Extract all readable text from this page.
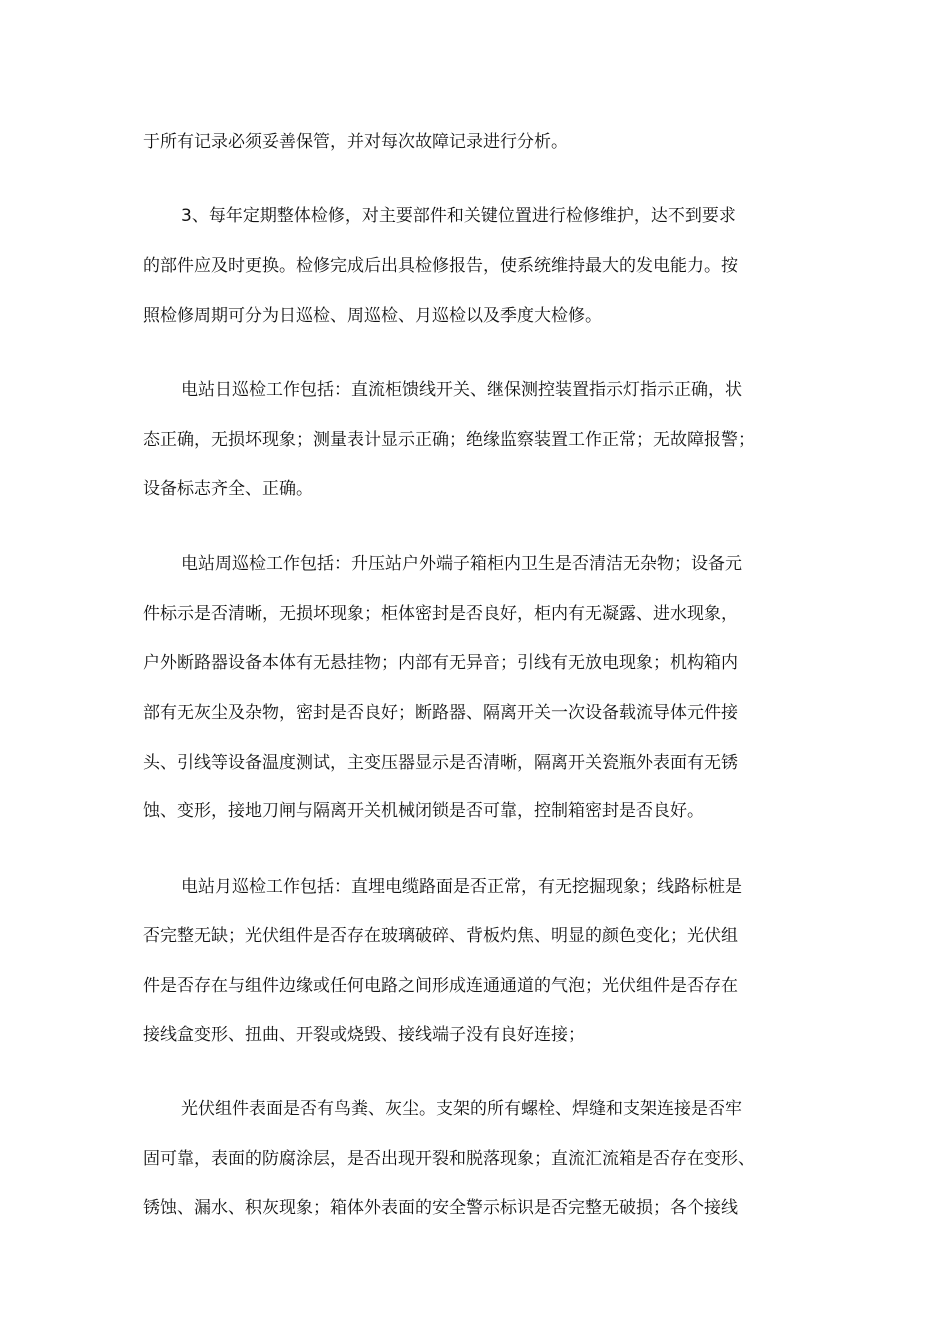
于所有记录必须妥善保管，并对每次故障记录进行分析。
3、每年定期整体检修，对主要部件和关键位置进行检修维护，达不到要求
的部件应及时更换。检修完成后出具检修报告，使系统维持最大的发电能力。按
照检修周期可分为日巡检、周巡检、月巡检以及季度大检修。
电站日巡检工作包括：直流柜馈线开关、继保测控装置指示灯指示正确，状
态正确，无损坏现象；测量表计显示正确；绝缘监察装置工作正常；无故障报警；
设备标志齐全、正确。
电站周巡检工作包括：升压站户外端子箱柜内卫生是否清洁无杂物；设备元
件标示是否清晰，无损坏现象；柜体密封是否良好，柜内有无凝露、进水现象，
户外断路器设备本体有无悬挂物；内部有无异音；引线有无放电现象；机构箱内
部有无灰尘及杂物，密封是否良好；断路器、隔离开关一次设备载流导体元件接
头、引线等设备温度测试，主变压器显示是否清晰，隔离开关瓷瓶外表面有无锈
蚀、变形，接地刀闸与隔离开关机械闭锁是否可靠，控制箱密封是否良好。
电站月巡检工作包括：直埋电缆路面是否正常，有无挖掘现象；线路标桩是
否完整无缺；光伏组件是否存在玻璃破碎、背板灼焦、明显的颜色变化；光伏组
件是否存在与组件边缘或任何电路之间形成连通通道的气泡；光伏组件是否存在
接线盒变形、扭曲、开裂或烧毁、接线端子没有良好连接；
光伏组件表面是否有鸟粪、灰尘。支架的所有螺栓、焊缝和支架连接是否牢
固可靠，表面的防腐涂层，是否出现开裂和脱落现象；直流汇流箱是否存在变形、
锈蚀、漏水、积灰现象；箱体外表面的安全警示标识是否完整无破损；各个接线
